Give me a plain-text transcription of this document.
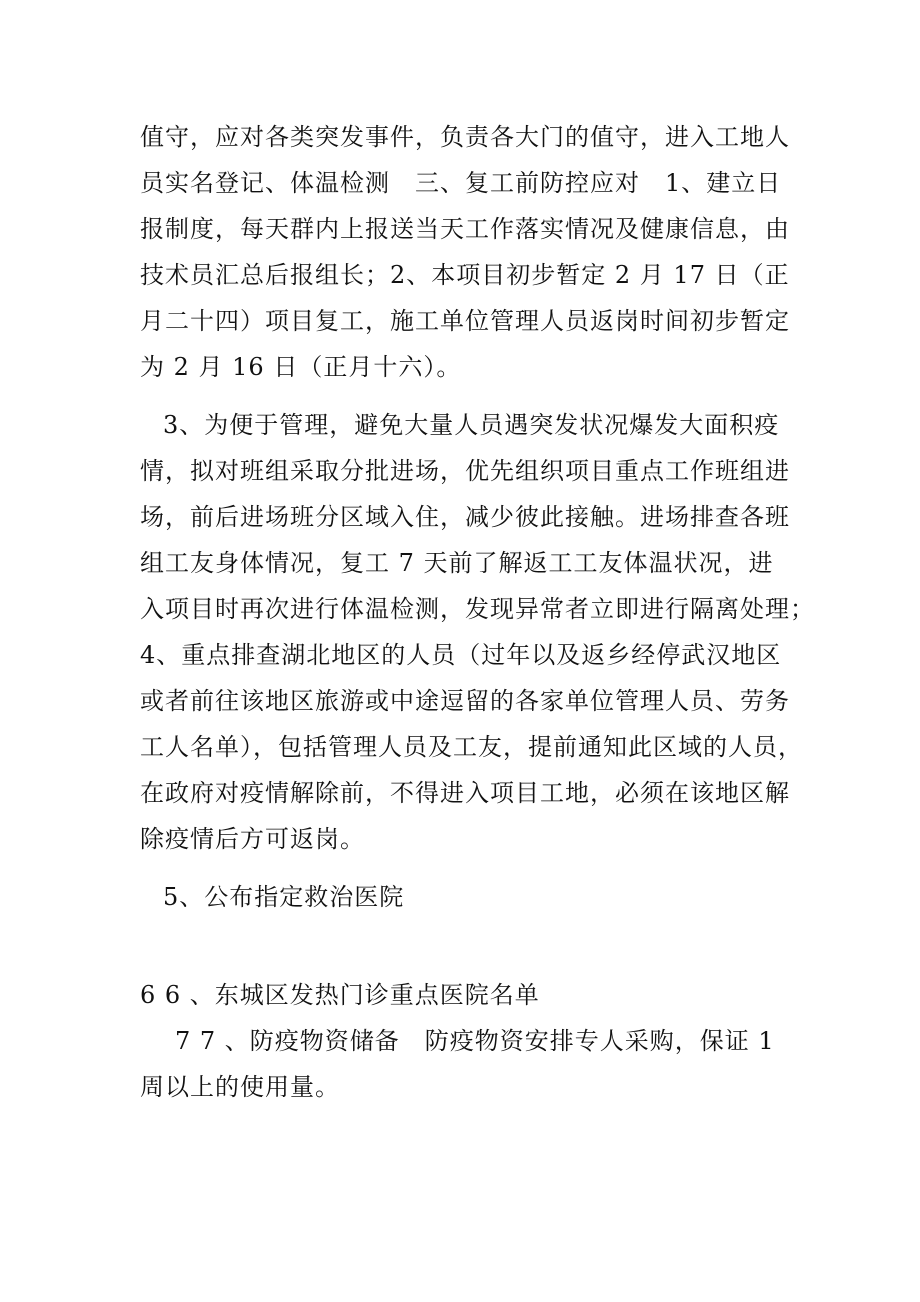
值守，应对各类突发事件，负责各大门的值守，进入工地人
员实名登记、体温检测　三、复工前防控应对　1、建立日
报制度，每天群内上报送当天工作落实情况及健康信息，由
技术员汇总后报组长；2、本项目初步暂定 2 月 17 日（正
月二十四）项目复工，施工单位管理人员返岗时间初步暂定
为 2 月 16 日（正月十六）。
3、为便于管理，避免大量人员遇突发状况爆发大面积疫
情，拟对班组采取分批进场，优先组织项目重点工作班组进
场，前后进场班分区域入住，减少彼此接触。进场排查各班
组工友身体情况，复工 7 天前了解返工工友体温状况，进
入项目时再次进行体温检测，发现异常者立即进行隔离处理；
4、重点排查湖北地区的人员（过年以及返乡经停武汉地区
或者前往该地区旅游或中途逗留的各家单位管理人员、劳务
工人名单），包括管理人员及工友，提前通知此区域的人员，
在政府对疫情解除前，不得进入项目工地，必须在该地区解
除疫情后方可返岗。
5、公布指定救治医院
6 6 、东城区发热门诊重点医院名单
7 7 、防疫物资储备　防疫物资安排专人采购，保证 1
周以上的使用量。
